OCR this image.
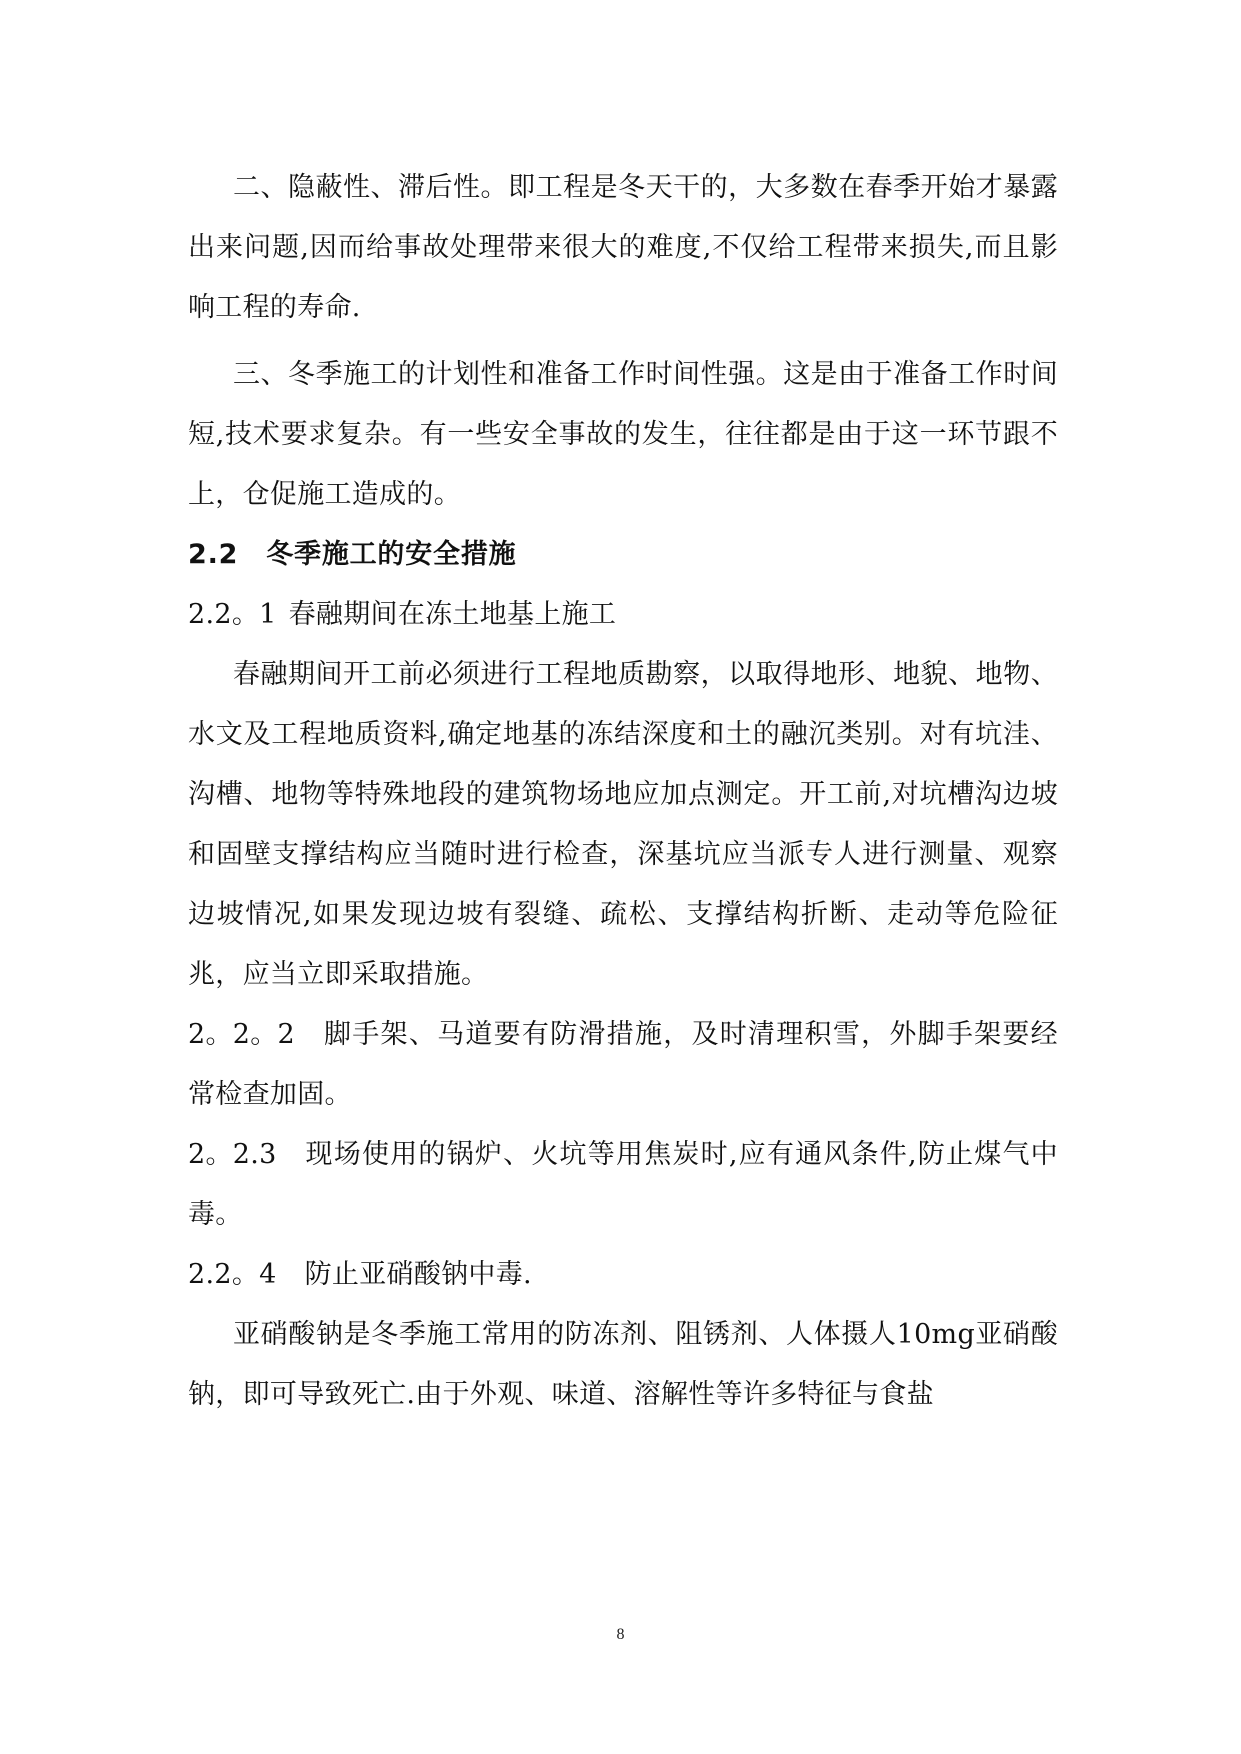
二、隐蔽性、滞后性。即工程是冬天干的，大多数在春季开始才暴露出来问题,因而给事故处理带来很大的难度,不仅给工程带来损失,而且影响工程的寿命.

三、冬季施工的计划性和准备工作时间性强。这是由于准备工作时间短,技术要求复杂。有一些安全事故的发生，往往都是由于这一环节跟不上，仓促施工造成的。

2.2 冬季施工的安全措施

2.2。1 春融期间在冻土地基上施工

春融期间开工前必须进行工程地质勘察，以取得地形、地貌、地物、水文及工程地质资料,确定地基的冻结深度和土的融沉类别。对有坑洼、沟槽、地物等特殊地段的建筑物场地应加点测定。开工前,对坑槽沟边坡和固壁支撑结构应当随时进行检查，深基坑应当派专人进行测量、观察边坡情况,如果发现边坡有裂缝、疏松、支撑结构折断、走动等危险征兆，应当立即采取措施。

2。2。2 脚手架、马道要有防滑措施，及时清理积雪，外脚手架要经常检查加固。

2。2.3 现场使用的锅炉、火坑等用焦炭时,应有通风条件,防止煤气中毒。

2.2。4 防止亚硝酸钠中毒.

亚硝酸钠是冬季施工常用的防冻剂、阻锈剂、人体摄人10mg亚硝酸钠，即可导致死亡.由于外观、味道、溶解性等许多特征与食盐

8
